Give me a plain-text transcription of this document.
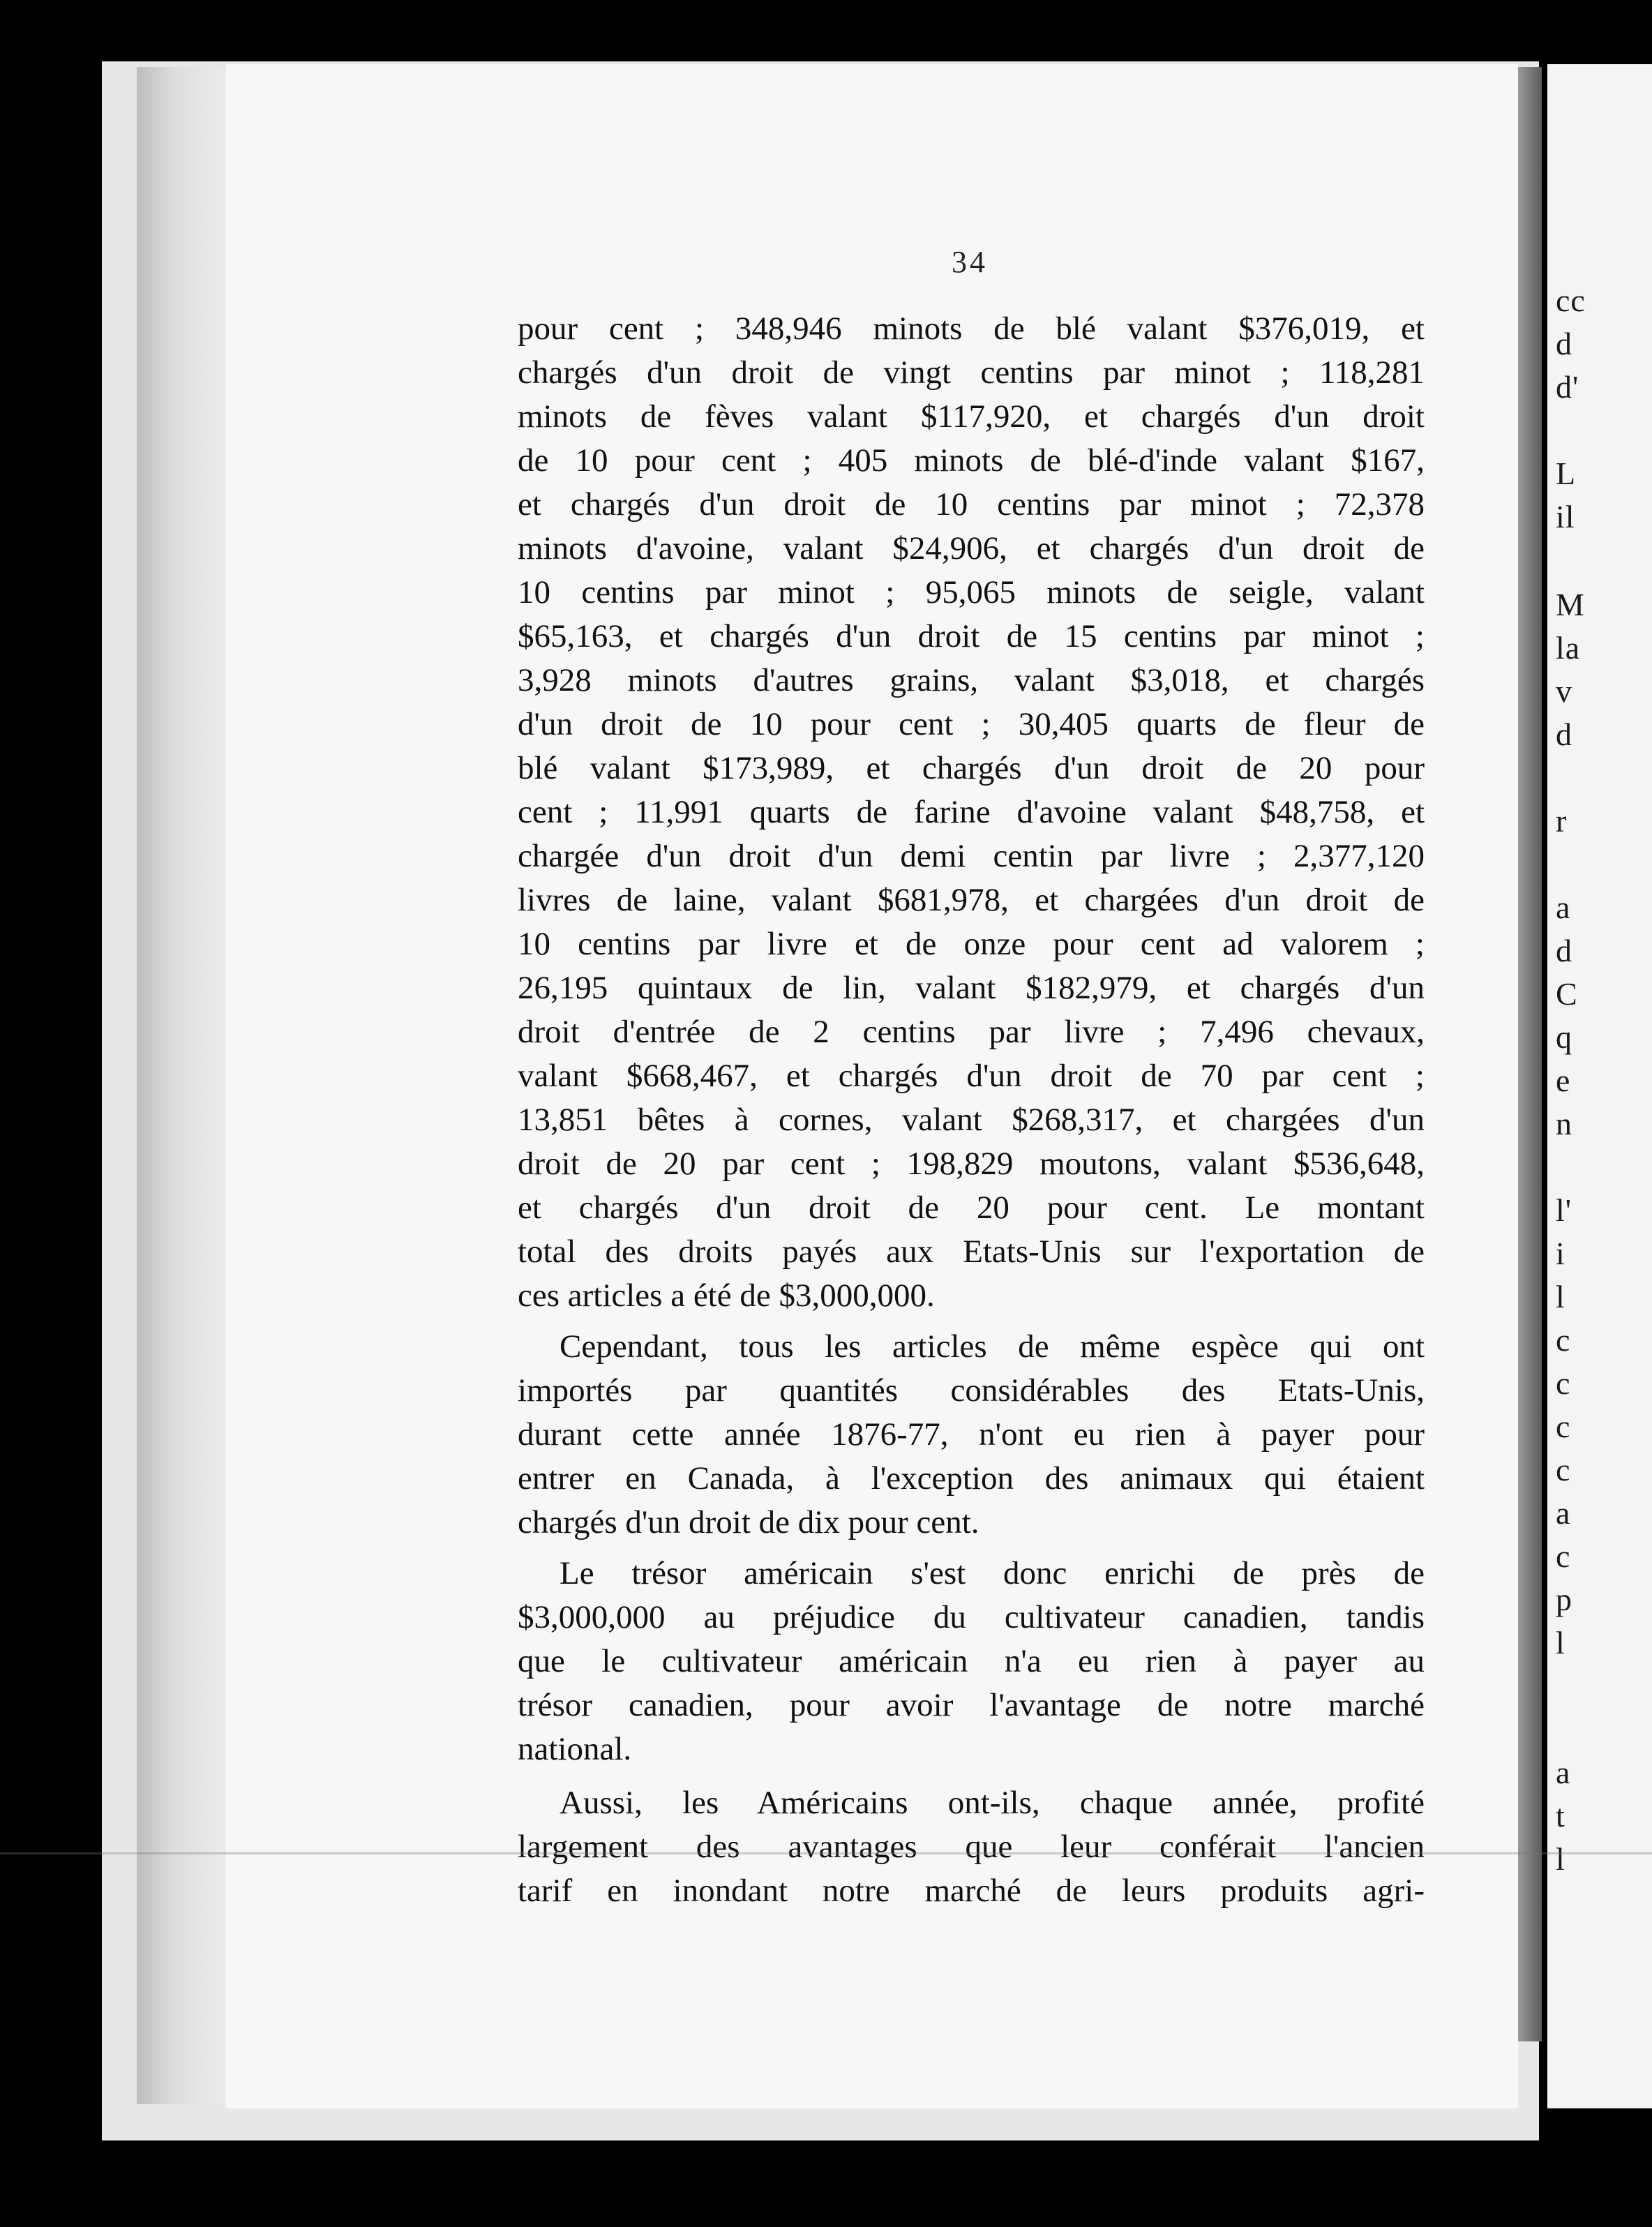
cc
d
d'
L
il
M
la
v
d
r
a
d
C
q
e
n
l'
i
l
c
c
c
c
a
c
p
l
a
t
l
34
pour cent ; 348,946 minots de blé valant $376,019, et
chargés d'un droit de vingt centins par minot ; 118,281
minots de fèves valant $117,920, et chargés d'un droit
de 10 pour cent ; 405 minots de blé-d'inde valant $167,
et chargés d'un droit de 10 centins par minot ; 72,378
minots d'avoine, valant $24,906, et chargés d'un droit de
10 centins par minot ; 95,065 minots de seigle, valant
$65,163, et chargés d'un droit de 15 centins par minot ;
3,928 minots d'autres grains, valant $3,018, et chargés
d'un droit de 10 pour cent ; 30,405 quarts de fleur de
blé valant $173,989, et chargés d'un droit de 20 pour
cent ; 11,991 quarts de farine d'avoine valant $48,758, et
chargée d'un droit d'un demi centin par livre ; 2,377,120
livres de laine, valant $681,978, et chargées d'un droit de
10 centins par livre et de onze pour cent ad valorem ;
26,195 quintaux de lin, valant $182,979, et chargés d'un
droit d'entrée de 2 centins par livre ; 7,496 chevaux,
valant $668,467, et chargés d'un droit de 70 par cent ;
13,851 bêtes à cornes, valant $268,317, et chargées d'un
droit de 20 par cent ; 198,829 moutons, valant $536,648,
et chargés d'un droit de 20 pour cent. Le montant
total des droits payés aux Etats-Unis sur l'exportation de
ces articles a été de $3,000,000.
Cependant, tous les articles de même espèce qui ont
importés par quantités considérables des Etats-Unis,
durant cette année 1876-77, n'ont eu rien à payer pour
entrer en Canada, à l'exception des animaux qui étaient
chargés d'un droit de dix pour cent.
Le trésor américain s'est donc enrichi de près de
$3,000,000 au préjudice du cultivateur canadien, tandis
que le cultivateur américain n'a eu rien à payer au
trésor canadien, pour avoir l'avantage de notre marché
national.
Aussi, les Américains ont-ils, chaque année, profité
largement des avantages que leur conférait l'ancien
tarif en inondant notre marché de leurs produits agri-
